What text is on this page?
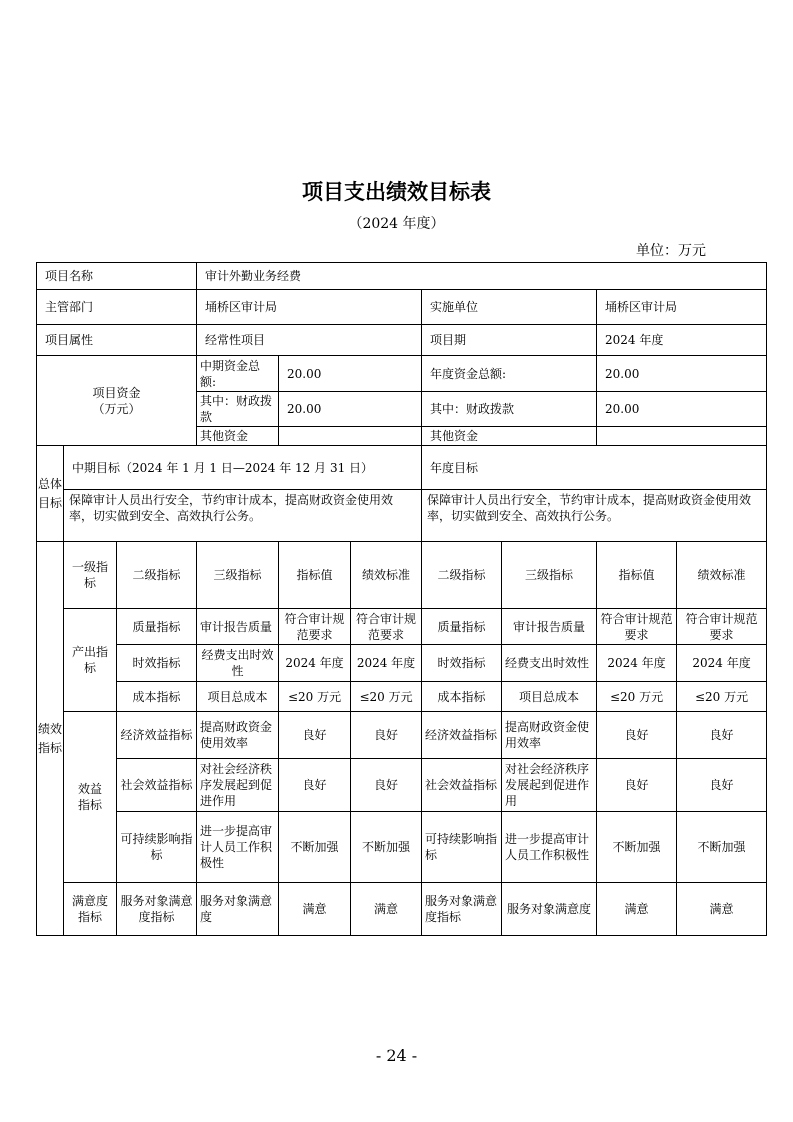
项目支出绩效目标表
（2024 年度）
单位：万元
项目名称			审计外勤业务经费						
主管部门			埇桥区审计局			实施单位		埇桥区审计局	
项目属性			经常性项目			项目期		2024 年度	
项目资金（万元）			中期资金总额:	20.00		年度资金总额:		20.00	
			其中：财政拨款	20.00		其中：财政拨款		20.00	
			其他资金			其他资金			
总体目标	中期目标（2024 年 1 月 1 日—2024 年 12 月 31 日）					年度目标			
	保障审计人员出行安全，节约审计成本，提高财政资金使用效率，切实做到安全、高效执行公务。					保障审计人员出行安全，节约审计成本，提高财政资金使用效率，切实做到安全、高效执行公务。			
绩效指标	一级指标	二级指标	三级指标	指标值	绩效标准	二级指标	三级指标	指标值	绩效标准
	产出指标	质量指标	审计报告质量	符合审计规范要求	符合审计规范要求	质量指标	审计报告质量	符合审计规范要求	符合审计规范要求
		时效指标	经费支出时效性	2024 年度	2024 年度	时效指标	经费支出时效性	2024 年度	2024 年度
		成本指标	项目总成本	≤20 万元	≤20 万元	成本指标	项目总成本	≤20 万元	≤20 万元
	效益指标	经济效益指标	提高财政资金使用效率	良好	良好	经济效益指标	提高财政资金使用效率	良好	良好
		社会效益指标	对社会经济秩序发展起到促进作用	良好	良好	社会效益指标	对社会经济秩序发展起到促进作用	良好	良好
		可持续影响指标	进一步提高审计人员工作积极性	不断加强	不断加强	可持续影响指标	进一步提高审计人员工作积极性	不断加强	不断加强
	满意度指标	服务对象满意度指标	服务对象满意度	满意	满意	服务对象满意度指标	服务对象满意度	满意	满意
- 24 -
